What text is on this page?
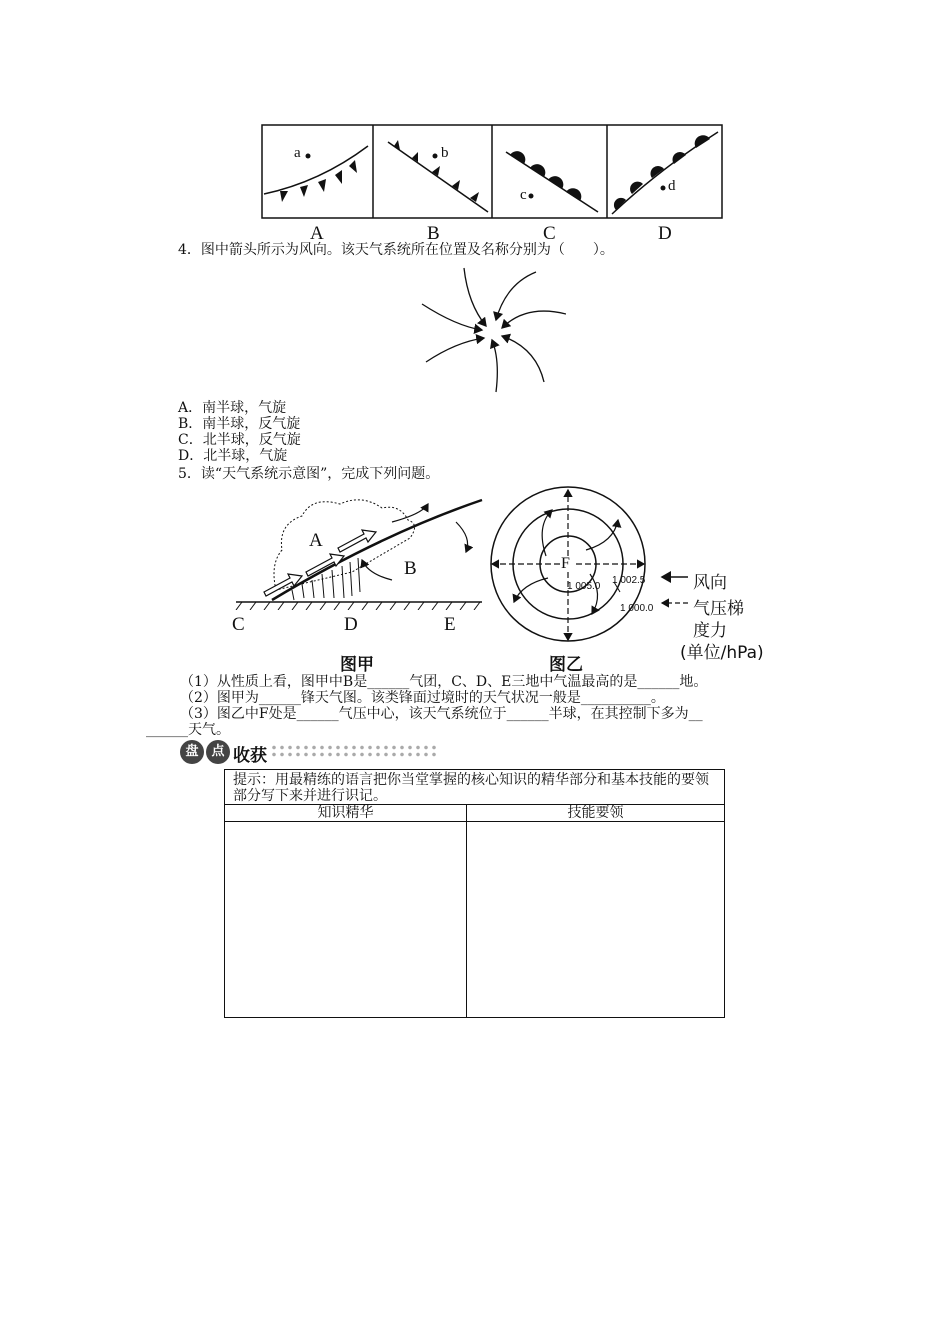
a	b
c
d
A	B	C	D
4．图中箭头所示为风向。该天气系统所在位置及名称分别为（　　）。
A．南半球，气旋
B．南半球，反气旋
C．北半球，反气旋
D．北半球，气旋
5．读“天气系统示意图”，完成下列问题。
A
B
C	D	E
图甲
F
1 002.5
1 005.0
1 000.0
图乙
风向
气压梯
度力
(单位/hPa)
（1）从性质上看，图甲中B是______气团，C、D、E三地中气温最高的是______地。
（2）图甲为______锋天气图。该类锋面过境时的天气状况一般是__________。
（3）图乙中F处是______气压中心，该天气系统位于______半球，在其控制下多为__
______天气。
盘 点 收获
提示：用最精练的语言把你当堂掌握的核心知识的精华部分和基本技能的要领部分写下来并进行识记。
知识精华	技能要领
